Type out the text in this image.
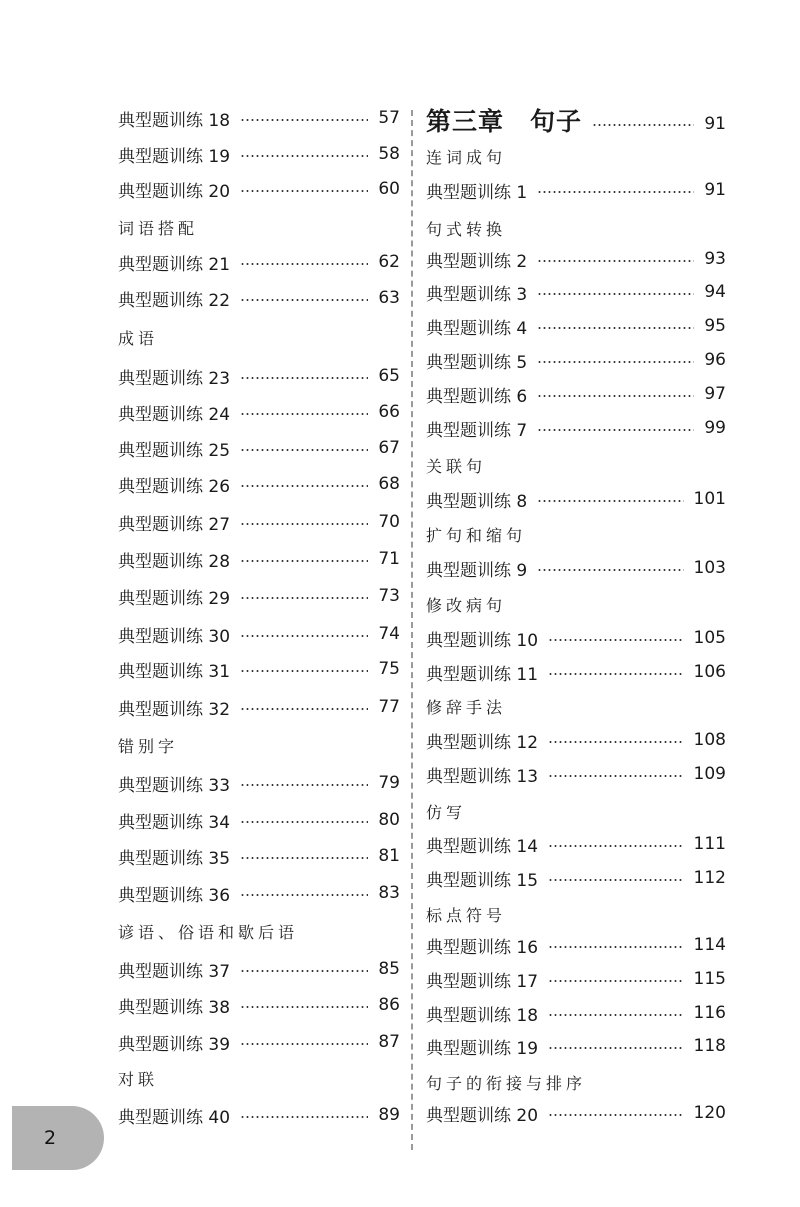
典型题训练 18	57
典型题训练 19	58
典型题训练 20	60
词语搭配
典型题训练 21	62
典型题训练 22	63
成语
典型题训练 23	65
典型题训练 24	66
典型题训练 25	67
典型题训练 26	68
典型题训练 27	70
典型题训练 28	71
典型题训练 29	73
典型题训练 30	74
典型题训练 31	75
典型题训练 32	77
错别字
典型题训练 33	79
典型题训练 34	80
典型题训练 35	81
典型题训练 36	83
谚语、俗语和歇后语
典型题训练 37	85
典型题训练 38	86
典型题训练 39	87
对联
典型题训练 40	89
第三章　句子	91
连词成句
典型题训练 1	91
句式转换
典型题训练 2	93
典型题训练 3	94
典型题训练 4	95
典型题训练 5	96
典型题训练 6	97
典型题训练 7	99
关联句
典型题训练 8	101
扩句和缩句
典型题训练 9	103
修改病句
典型题训练 10	105
典型题训练 11	106
修辞手法
典型题训练 12	108
典型题训练 13	109
仿写
典型题训练 14	111
典型题训练 15	112
标点符号
典型题训练 16	114
典型题训练 17	115
典型题训练 18	116
典型题训练 19	118
句子的衔接与排序
典型题训练 20	120
2
